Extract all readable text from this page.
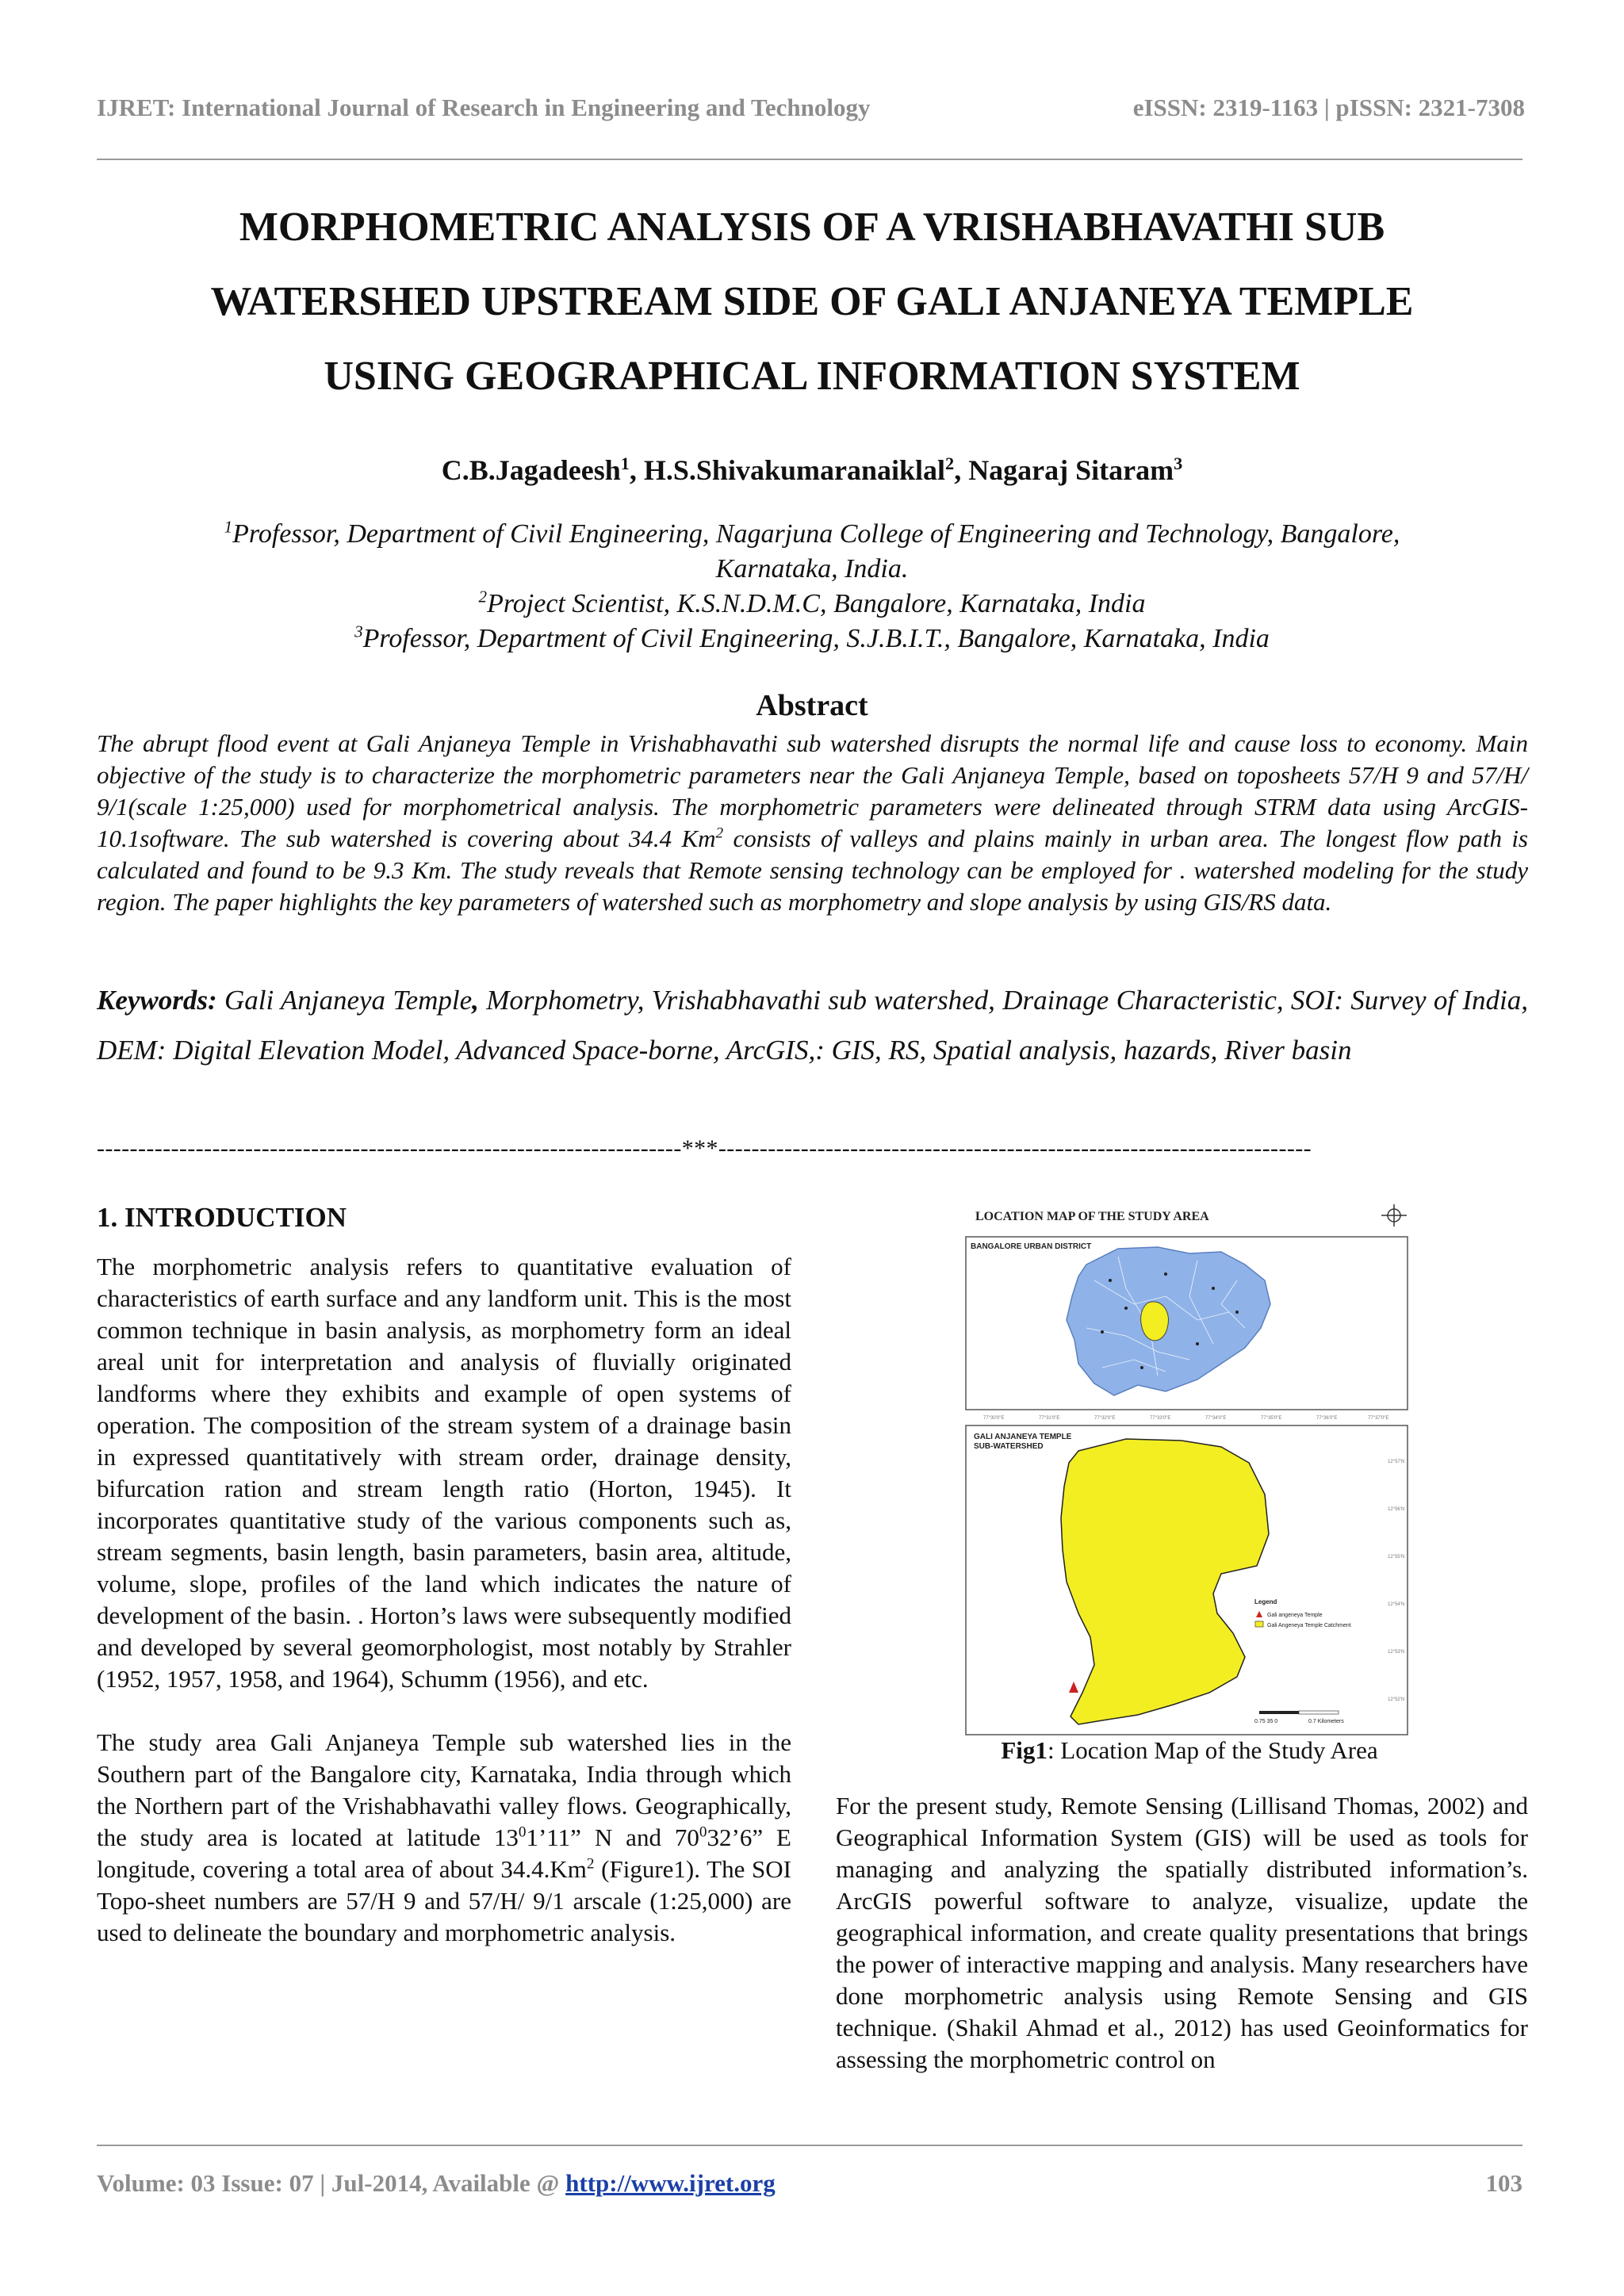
IJRET: International Journal of Research in Engineering and Technology	eISSN: 2319-1163 | pISSN: 2321-7308
MORPHOMETRIC ANALYSIS OF A VRISHABHAVATHI SUB
WATERSHED UPSTREAM SIDE OF GALI ANJANEYA TEMPLE
USING GEOGRAPHICAL INFORMATION SYSTEM
C.B.Jagadeesh$^1$, H.S.Shivakumaranaiklal$^2$, Nagaraj Sitaram$^3$
$^1$Professor, Department of Civil Engineering, Nagarjuna College of Engineering and Technology, Bangalore,
Karnataka, India.
$^2$Project Scientist, K.S.N.D.M.C, Bangalore, Karnataka, India
$^3$Professor, Department of Civil Engineering, S.J.B.I.T., Bangalore, Karnataka, India
Abstract
The abrupt flood event at Gali Anjaneya Temple in Vrishabhavathi sub watershed disrupts the normal life and cause loss to economy. Main objective of the study is to characterize the morphometric parameters near the Gali Anjaneya Temple, based on toposheets 57/H 9 and 57/H/ 9/1(scale 1:25,000) used for morphometrical analysis. The morphometric parameters were delineated through STRM data using ArcGIS-10.1software. The sub watershed is covering about 34.4 Km$^2$ consists of valleys and plains mainly in urban area. The longest flow path is calculated and found to be 9.3 Km. The study reveals that Remote sensing technology can be employed for . watershed modeling for the study region. The paper highlights the key parameters of watershed such as morphometry and slope analysis by using GIS/RS data.
Keywords: Gali Anjaneya Temple, Morphometry, Vrishabhavathi sub watershed, Drainage Characteristic, SOI: Survey of India, DEM: Digital Elevation Model, Advanced Space-borne, ArcGIS,: GIS, RS, Spatial analysis, hazards, River basin
-----------------------------------------------------------------------***------------------------------------------------------------------------
1. INTRODUCTION

The morphometric analysis refers to quantitative evaluation of characteristics of earth surface and any landform unit. This is the most common technique in basin analysis, as morphometry form an ideal areal unit for interpretation and analysis of fluvially originated landforms where they exhibits and example of open systems of operation. The composition of the stream system of a drainage basin in expressed quantitatively with stream order, drainage density, bifurcation ration and stream length ratio (Horton, 1945). It incorporates quantitative study of the various components such as, stream segments, basin length, basin parameters, basin area, altitude, volume, slope, profiles of the land which indicates the nature of development of the basin. . Horton’s laws were subsequently modified and developed by several geomorphologist, most notably by Strahler (1952, 1957, 1958, and 1964), Schumm (1956), and etc.

The study area Gali Anjaneya Temple sub watershed lies in the Southern part of the Bangalore city, Karnataka, India through which the Northern part of the Vrishabhavathi valley flows. Geographically, the study area is located at latitude $13^01’11$” N and $70^032’6$” E longitude, covering a total area of about 34.4.Km$^2$ (Figure1). The SOI Topo-sheet numbers are 57/H 9 and 57/H/ 9/1 arscale (1:25,000) are used to delineate the boundary and morphometric analysis.

LOCATION MAP OF THE STUDY AREA
BANGALORE URBAN DISTRICT
77°30'0"E	77°31'0"E	77°32'0"E	77°33'0"E	77°34'0"E	77°35'0"E	77°36'0"E	77°37'0"E
GALI ANJANEYA TEMPLE
SUB-WATERSHED
12°57'N
12°56'N
12°55'N
12°54'N
12°53'N
12°52'N
Legend
Gali angeneya Temple
Gali Angeneya Temple Catchment
0.75 35 0	0.7 Kilometers
Fig1: Location Map of the Study Area

For the present study, Remote Sensing (Lillisand Thomas, 2002) and Geographical Information System (GIS) will be used as tools for managing and analyzing the spatially distributed information’s. ArcGIS powerful software to analyze, visualize, update the geographical information, and create quality presentations that brings the power of interactive mapping and analysis. Many researchers have done morphometric analysis using Remote Sensing and GIS technique. (Shakil Ahmad et al., 2012) has used Geoinformatics for assessing the morphometric control on

Volume: 03 Issue: 07 | Jul-2014, Available @ http://www.ijret.org	103
